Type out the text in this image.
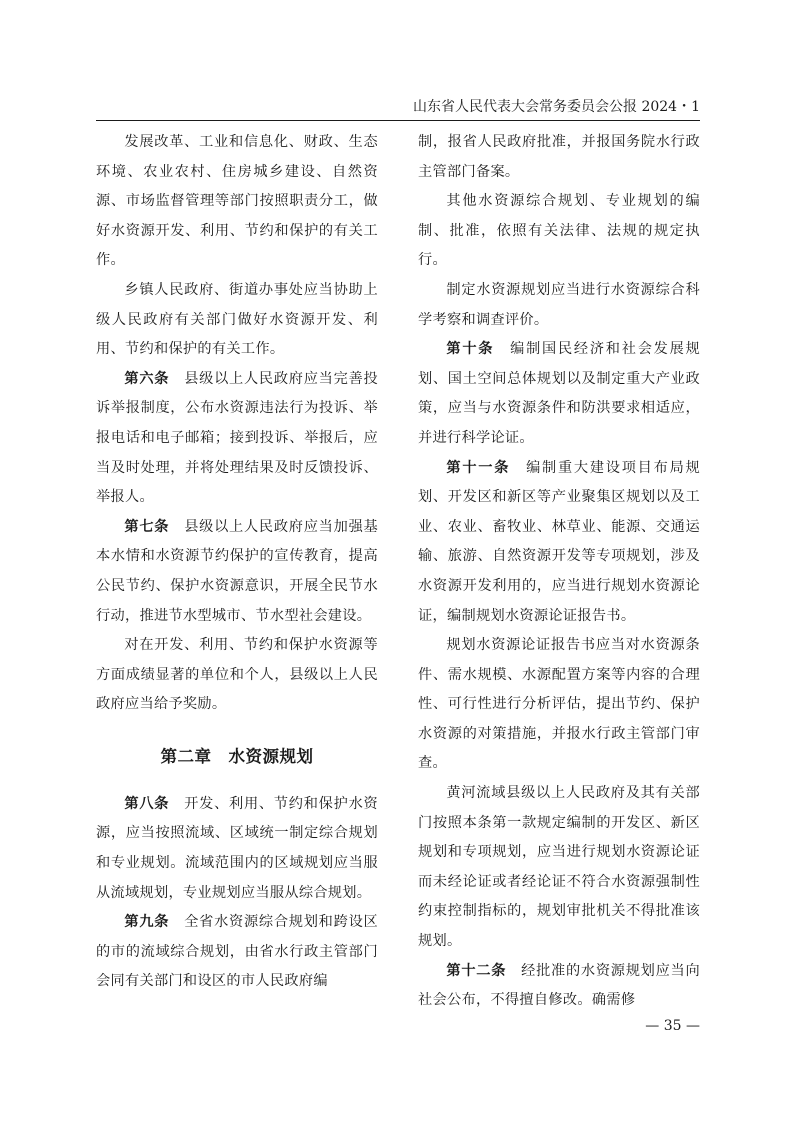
山东省人民代表大会常务委员会公报 2024・1

发展改革、工业和信息化、财政、生态环境、农业农村、住房城乡建设、自然资源、市场监督管理等部门按照职责分工，做好水资源开发、利用、节约和保护的有关工作。

乡镇人民政府、街道办事处应当协助上级人民政府有关部门做好水资源开发、利用、节约和保护的有关工作。

第六条　 县级以上人民政府应当完善投诉举报制度，公布水资源违法行为投诉、举报电话和电子邮箱；接到投诉、举报后，应当及时处理，并将处理结果及时反馈投诉、举报人。

第七条　 县级以上人民政府应当加强基本水情和水资源节约保护的宣传教育，提高公民节约、保护水资源意识，开展全民节水行动，推进节水型城市、节水型社会建设。

对在开发、利用、节约和保护水资源等方面成绩显著的单位和个人，县级以上人民政府应当给予奖励。

第二章　水资源规划

第八条　 开发、利用、节约和保护水资源，应当按照流域、区域统一制定综合规划和专业规划。流域范围内的区域规划应当服从流域规划，专业规划应当服从综合规划。

第九条　 全省水资源综合规划和跨设区的市的流域综合规划，由省水行政主管部门会同有关部门和设区的市人民政府编

制，报省人民政府批准，并报国务院水行政主管部门备案。

其他水资源综合规划、专业规划的编制、批准，依照有关法律、法规的规定执行。

制定水资源规划应当进行水资源综合科学考察和调查评价。

第十条　 编制国民经济和社会发展规划、国土空间总体规划以及制定重大产业政策，应当与水资源条件和防洪要求相适应，并进行科学论证。

第十一条　 编制重大建设项目布局规划、开发区和新区等产业聚集区规划以及工业、农业、畜牧业、林草业、能源、交通运输、旅游、自然资源开发等专项规划，涉及水资源开发利用的，应当进行规划水资源论证，编制规划水资源论证报告书。

规划水资源论证报告书应当对水资源条件、需水规模、水源配置方案等内容的合理性、可行性进行分析评估，提出节约、保护水资源的对策措施，并报水行政主管部门审查。

黄河流域县级以上人民政府及其有关部门按照本条第一款规定编制的开发区、新区规划和专项规划，应当进行规划水资源论证而未经论证或者经论证不符合水资源强制性约束控制指标的，规划审批机关不得批准该规划。

第十二条　 经批准的水资源规划应当向社会公布，不得擅自修改。确需修

— 35 —
